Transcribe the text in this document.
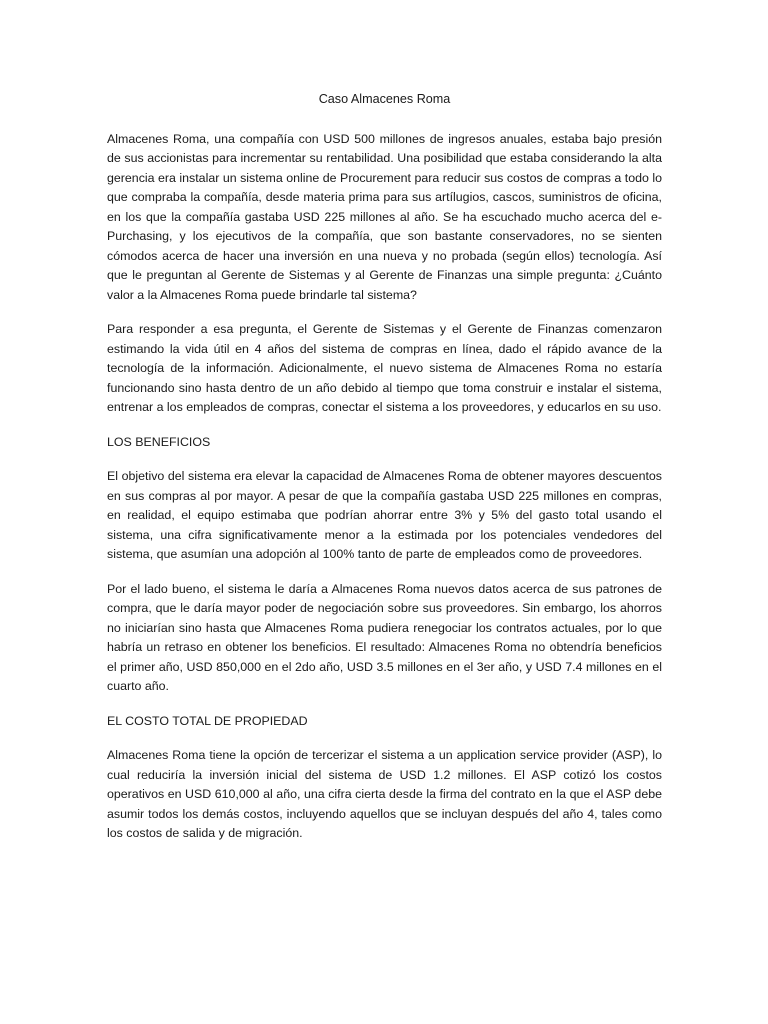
Caso Almacenes Roma

Almacenes Roma, una compañía con USD 500 millones de ingresos anuales, estaba bajo presión de sus accionistas para incrementar su rentabilidad. Una posibilidad que estaba considerando la alta gerencia era instalar un sistema online de Procurement para reducir sus costos de compras a todo lo que compraba la compañía, desde materia prima para sus artílugios, cascos, suministros de oficina, en los que la compañía gastaba USD 225 millones al año. Se ha escuchado mucho acerca del e-Purchasing, y los ejecutivos de la compañía, que son bastante conservadores, no se sienten cómodos acerca de hacer una inversión en una nueva y no probada (según ellos) tecnología. Así que le preguntan al Gerente de Sistemas y al Gerente de Finanzas una simple pregunta: ¿Cuánto valor a la Almacenes Roma puede brindarle tal sistema?

Para responder a esa pregunta, el Gerente de Sistemas y el Gerente de Finanzas comenzaron estimando la vida útil en 4 años del sistema de compras en línea, dado el rápido avance de la tecnología de la información. Adicionalmente, el nuevo sistema de Almacenes Roma no estaría funcionando sino hasta dentro de un año debido al tiempo que toma construir e instalar el sistema, entrenar a los empleados de compras, conectar el sistema a los proveedores, y educarlos en su uso.

LOS BENEFICIOS

El objetivo del sistema era elevar la capacidad de Almacenes Roma de obtener mayores descuentos en sus compras al por mayor. A pesar de que la compañía gastaba USD 225 millones en compras, en realidad, el equipo estimaba que podrían ahorrar entre 3% y 5% del gasto total usando el sistema, una cifra significativamente menor a la estimada por los potenciales vendedores del sistema, que asumían una adopción al 100% tanto de parte de empleados como de proveedores.

Por el lado bueno, el sistema le daría a Almacenes Roma nuevos datos acerca de sus patrones de compra, que le daría mayor poder de negociación sobre sus proveedores. Sin embargo, los ahorros no iniciarían sino hasta que Almacenes Roma pudiera renegociar los contratos actuales, por lo que habría un retraso en obtener los beneficios. El resultado: Almacenes Roma no obtendría beneficios el primer año, USD 850,000 en el 2do año, USD 3.5 millones en el 3er año, y USD 7.4 millones en el cuarto año.

EL COSTO TOTAL DE PROPIEDAD

Almacenes Roma tiene la opción de tercerizar el sistema a un application service provider (ASP), lo cual reduciría la inversión inicial del sistema de USD 1.2 millones. El ASP cotizó los costos operativos en USD 610,000 al año, una cifra cierta desde la firma del contrato en la que el ASP debe asumir todos los demás costos, incluyendo aquellos que se incluyan después del año 4, tales como los costos de salida y de migración.
